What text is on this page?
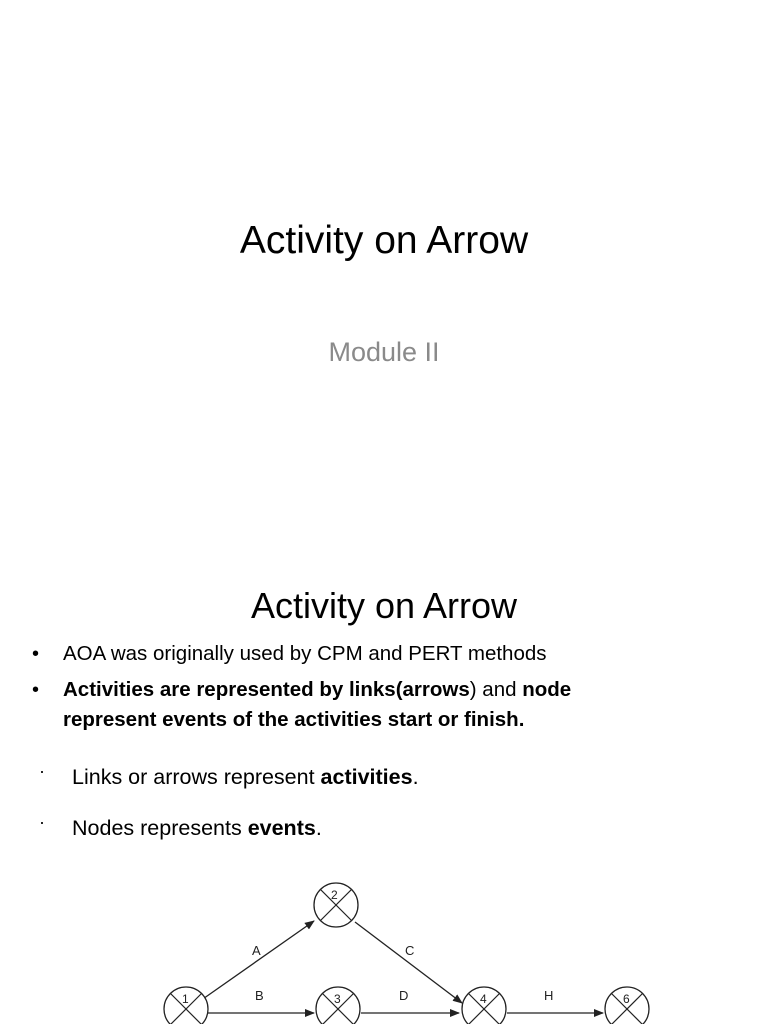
Activity on Arrow
Module II
Activity on Arrow
• AOA was originally used by CPM and PERT methods
• Activities are represented by links(arrows) and node
represent events of the activities start or finish.
· Links or arrows represent activities.
· Nodes represents events.
A
B
C
D	H
2
1	3	4	6
